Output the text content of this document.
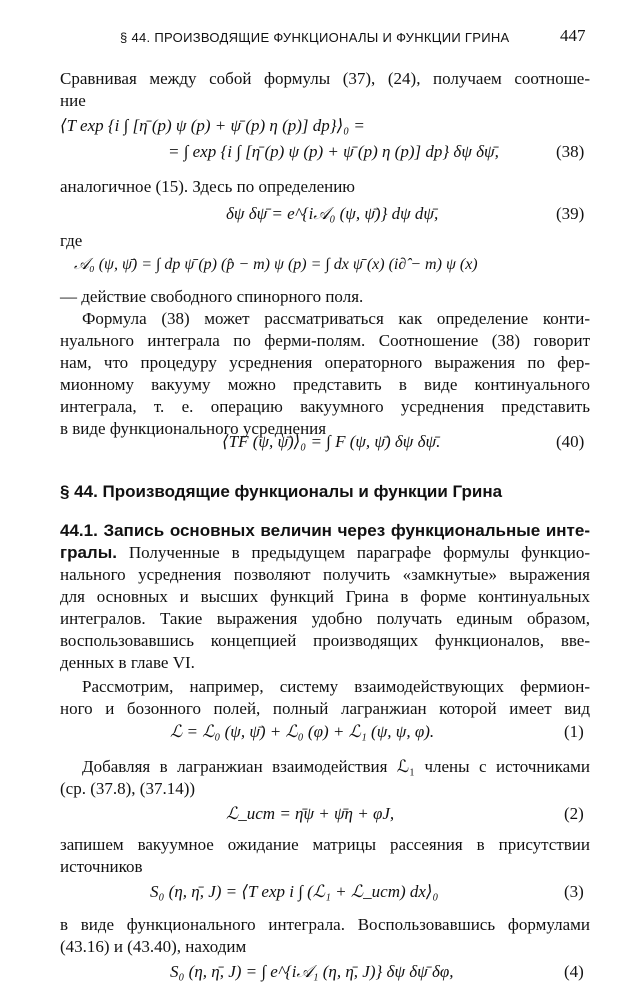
§ 44. ПРОИЗВОДЯЩИЕ ФУНКЦИОНАЛЫ И ФУНКЦИИ ГРИНА	447
Сравнивая между собой формулы (37), (24), получаем соотноше-
ние
⟨T exp {i ∫ [η̄ (p) ψ (p) + ψ̄ (p) η (p)] dp}⟩₀ =
= ∫ exp {i ∫ [η̄ (p) ψ (p) + ψ̄ (p) η (p)] dp} δψ δψ̄,	(38)
аналогичное (15). Здесь по определению
δψ δψ̄ = e^{i𝒜₀ (ψ, ψ̄)} dψ dψ̄,	(39)
где
𝒜₀ (ψ, ψ̄) = ∫ dp ψ̄ (p) (p̂ − m) ψ (p) = ∫ dx ψ̄ (x) (i∂̂ − m) ψ (x)
— действие свободного спинорного поля.
Формула (38) может рассматриваться как определение конти-
нуального интеграла по ферми-полям. Соотношение (38) говорит
нам, что процедуру усреднения операторного выражения по фер-
мионному вакууму можно представить в виде континуального
интеграла, т. е. операцию вакуумного усреднения представить
в виде функционального усреднения
⟨TF (ψ, ψ̄)⟩₀ = ∫ F (ψ, ψ̄) δψ δψ̄.	(40)
§ 44. Производящие функционалы и функции Грина
44.1. Запись основных величин через функциональные инте-
гралы. Полученные в предыдущем параграфе формулы функцио-
нального усреднения позволяют получить «замкнутые» выражения
для основных и высших функций Грина в форме континуальных
интегралов. Такие выражения удобно получать единым образом,
воспользовавшись концепцией производящих функционалов, вве-
денных в главе VI.
Рассмотрим, например, систему взаимодействующих фермион-
ного и бозонного полей, полный лагранжиан которой имеет вид
ℒ = ℒ₀ (ψ, ψ̄) + ℒ₀ (φ) + ℒ₁ (ψ, ψ, φ).	(1)
Добавляя в лагранжиан взаимодействия ℒ₁ члены с источниками
(ср. (37.8), (37.14))
ℒ_ист = η̄ψ + ψ̄η + φJ,	(2)
запишем вакуумное ожидание матрицы рассеяния в присутствии
источников
S₀ (η, η̄, J) = ⟨T exp i ∫ (ℒ₁ + ℒ_ист) dx⟩₀	(3)
в виде функционального интеграла. Воспользовавшись формулами
(43.16) и (43.40), находим
S₀ (η, η̄, J) = ∫ e^{i𝒜₁ (η, η̄, J)} δψ δψ̄ δφ,	(4)
